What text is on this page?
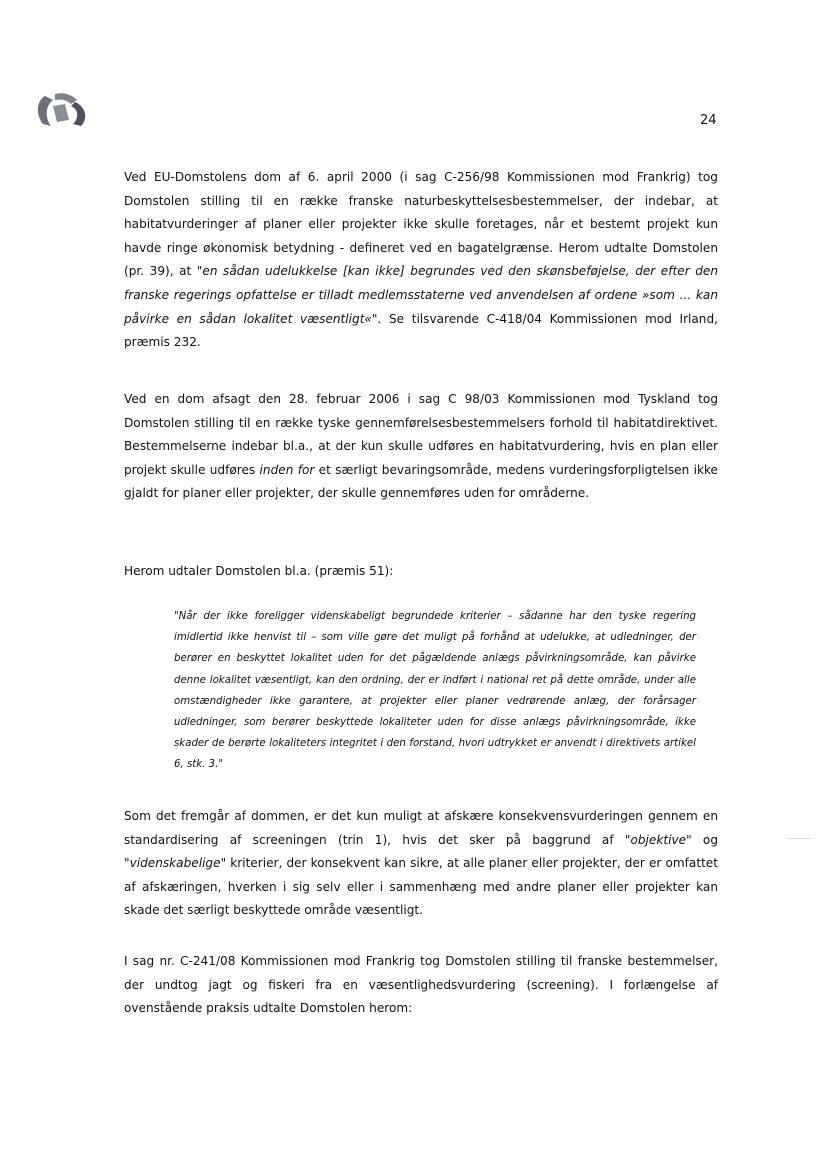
24

Ved EU-Domstolens dom af 6. april 2000 (i sag C-256/98 Kommissionen mod Frankrig) tog Domstolen stilling til en række franske naturbeskyttelsesbestemmelser, der indebar, at habitatvurderinger af planer eller projekter ikke skulle foretages, når et bestemt projekt kun havde ringe økonomisk betydning - defineret ved en bagatelgrænse. Herom udtalte Domstolen (pr. 39), at "en sådan udelukkelse [kan ikke] begrundes ved den skønsbeføjelse, der efter den franske regerings opfattelse er tilladt medlemsstaterne ved anvendelsen af ordene »som ... kan påvirke en sådan lokalitet væsentligt«". Se tilsvarende C-418/04 Kommissionen mod Irland, præmis 232.

Ved en dom afsagt den 28. februar 2006 i sag C 98/03 Kommissionen mod Tyskland tog Domstolen stilling til en række tyske gennemførelsesbestemmelsers forhold til habitatdirektivet. Bestemmelserne indebar bl.a., at der kun skulle udføres en habitatvurdering, hvis en plan eller projekt skulle udføres inden for et særligt bevaringsområde, medens vurderingsforpligtelsen ikke gjaldt for planer eller projekter, der skulle gennemføres uden for områderne.

Herom udtaler Domstolen bl.a. (præmis 51):

"Når der ikke foreligger videnskabeligt begrundede kriterier – sådanne har den tyske regering imidlertid ikke henvist til – som ville gøre det muligt på forhånd at udelukke, at udledninger, der berører en beskyttet lokalitet uden for det pågældende anlægs påvirkningsområde, kan påvirke denne lokalitet væsentligt, kan den ordning, der er indført i national ret på dette område, under alle omstændigheder ikke garantere, at projekter eller planer vedrørende anlæg, der forårsager udledninger, som berører beskyttede lokaliteter uden for disse anlægs påvirkningsområde, ikke skader de berørte lokaliteters integritet i den forstand, hvori udtrykket er anvendt i direktivets artikel 6, stk. 3."

Som det fremgår af dommen, er det kun muligt at afskære konsekvensvurderingen gennem en standardisering af screeningen (trin 1), hvis det sker på baggrund af "objektive" og "videnskabelige" kriterier, der konsekvent kan sikre, at alle planer eller projekter, der er omfattet af afskæringen, hverken i sig selv eller i sammenhæng med andre planer eller projekter kan skade det særligt beskyttede område væsentligt.

I sag nr. C-241/08 Kommissionen mod Frankrig tog Domstolen stilling til franske bestemmelser, der undtog jagt og fiskeri fra en væsentlighedsvurdering (screening). I forlængelse af ovenstående praksis udtalte Domstolen herom:
